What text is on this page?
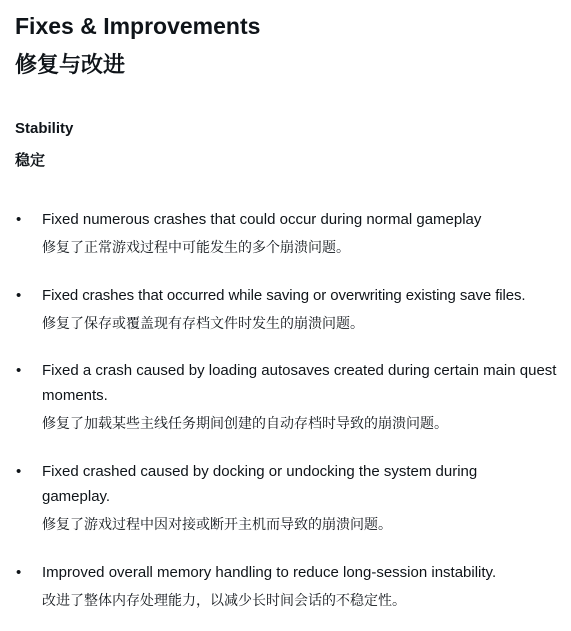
Fixes & Improvements
修复与改进
Stability
稳定
• Fixed numerous crashes that could occur during normal gameplay
修复了正常游戏过程中可能发生的多个崩溃问题。
• Fixed crashes that occurred while saving or overwriting existing save files.
修复了保存或覆盖现有存档文件时发生的崩溃问题。
• Fixed a crash caused by loading autosaves created during certain main quest moments.
修复了加载某些主线任务期间创建的自动存档时导致的崩溃问题。
• Fixed crashed caused by docking or undocking the system during gameplay.
修复了游戏过程中因对接或断开主机而导致的崩溃问题。
• Improved overall memory handling to reduce long-session instability.
改进了整体内存处理能力，以减少长时间会话的不稳定性。
